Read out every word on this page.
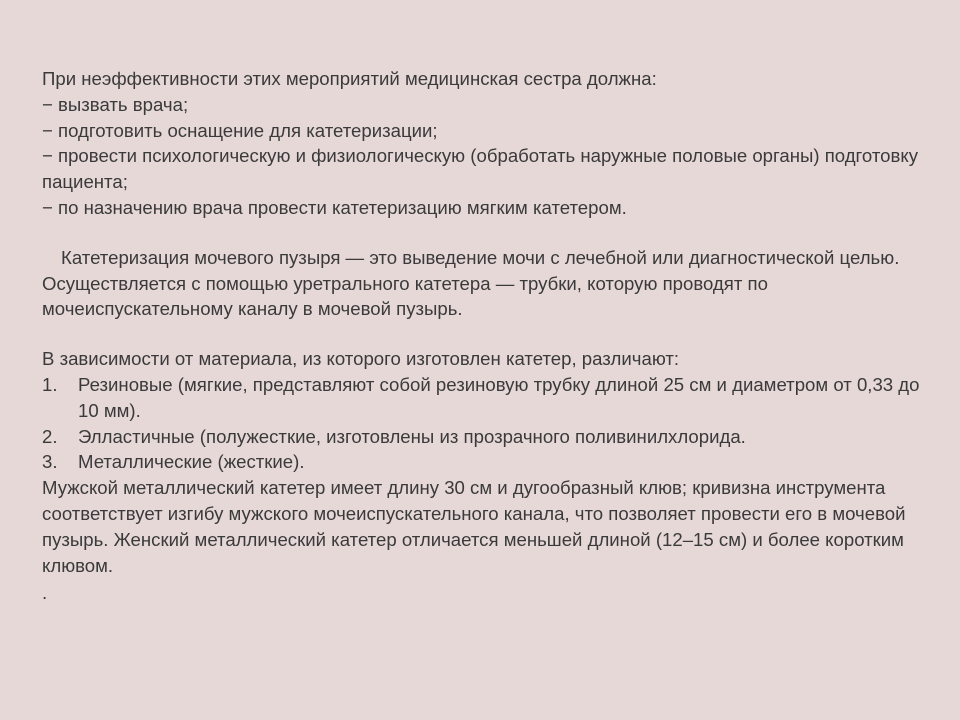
При неэффективности этих мероприятий медицинская сестра должна:

− вызвать врача;

− подготовить оснащение для катетеризации;

− провести психологическую и физиологическую (обработать наружные половые органы) подготовку пациента;

− по назначению врача провести катетеризацию мягким катетером.

Катетеризация мочевого пузыря — это выведение мочи с лечебной или диагностической целью. Осуществляется с помощью уретрального катетера — трубки, которую проводят по мочеиспускательному каналу в мочевой пузырь.

В зависимости от материала, из которого изготовлен катетер, различают:

1.	Резиновые (мягкие, представляют собой резиновую трубку длиной 25 см и диаметром от 0,33 до 10 мм).
2.	Элластичные (полужесткие, изготовлены из прозрачного поливинилхлорида.
3.	Металлические (жесткие).

Мужской металлический катетер имеет длину 30 см и дугообразный клюв; кривизна инструмента соответствует изгибу мужского мочеиспускательного канала, что позволяет провести его в мочевой пузырь. Женский металлический катетер отличается меньшей длиной (12–15 см) и более коротким клювом.

.
